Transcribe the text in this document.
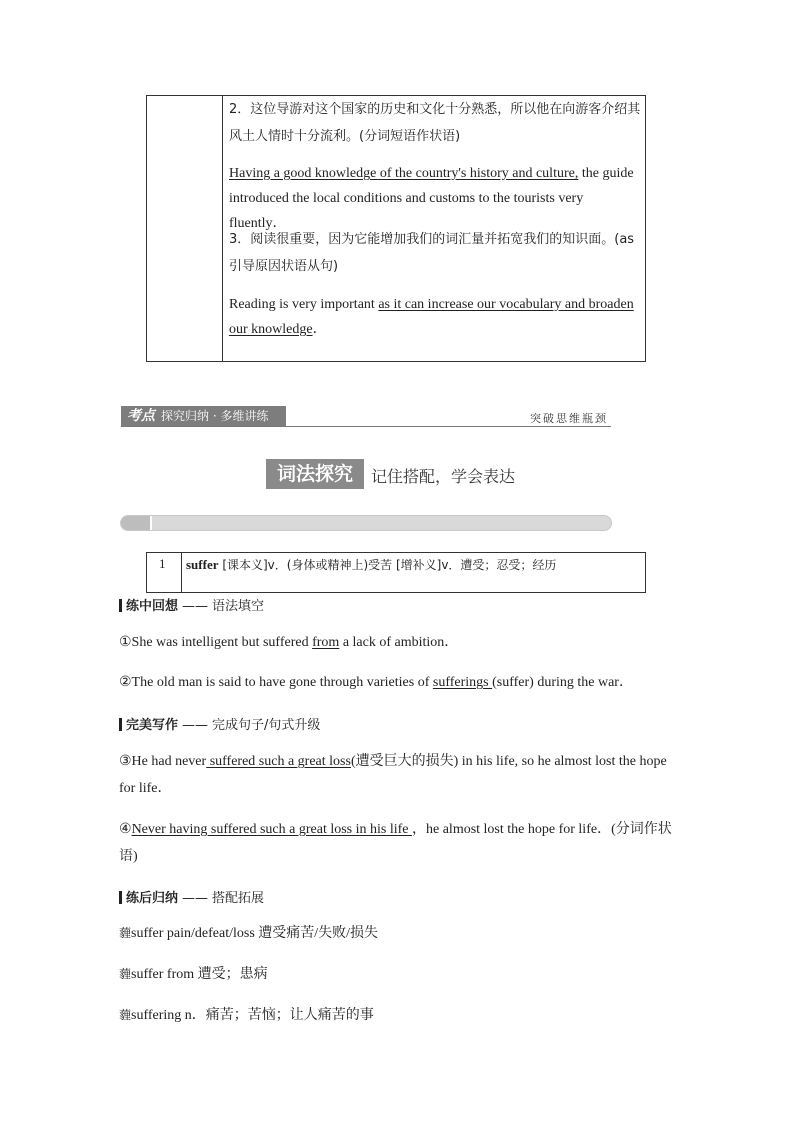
2．这位导游对这个国家的历史和文化十分熟悉，所以他在向游客介绍其风土人情时十分流利。(分词短语作状语)
Having a good knowledge of the country's history and culture, the guide
introduced the local conditions and customs to the tourists very fluently．
3．阅读很重要，因为它能增加我们的词汇量并拓宽我们的知识面。(as引导原因状语从句)
Reading is very important as it can increase our vocabulary and broaden
our knowledge．
考点 探究归纳 · 多维讲练	突破思维瓶颈
词法探究	记住搭配，学会表达
1 suffer [课本义]v．(身体或精神上)受苦 [增补义]v．遭受；忍受；经历
练中回想 —— 语法填空
①She was intelligent but suffered from a lack of ambition．
②The old man is said to have gone through varieties of sufferings (suffer) during the war．
完美写作 —— 完成句子/句式升级
③He had never suffered such a great loss(遭受巨大的损失) in his life, so he almost lost the hope
for life．
④Never having suffered such a great loss in his life ，he almost lost the hope for life．(分词作状
语)
练后归纳 —— 搭配拓展
薶suffer pain/defeat/loss 遭受痛苦/失败/损失
薶suffer from 遭受；患病
薶suffering n．痛苦；苦恼；让人痛苦的事
